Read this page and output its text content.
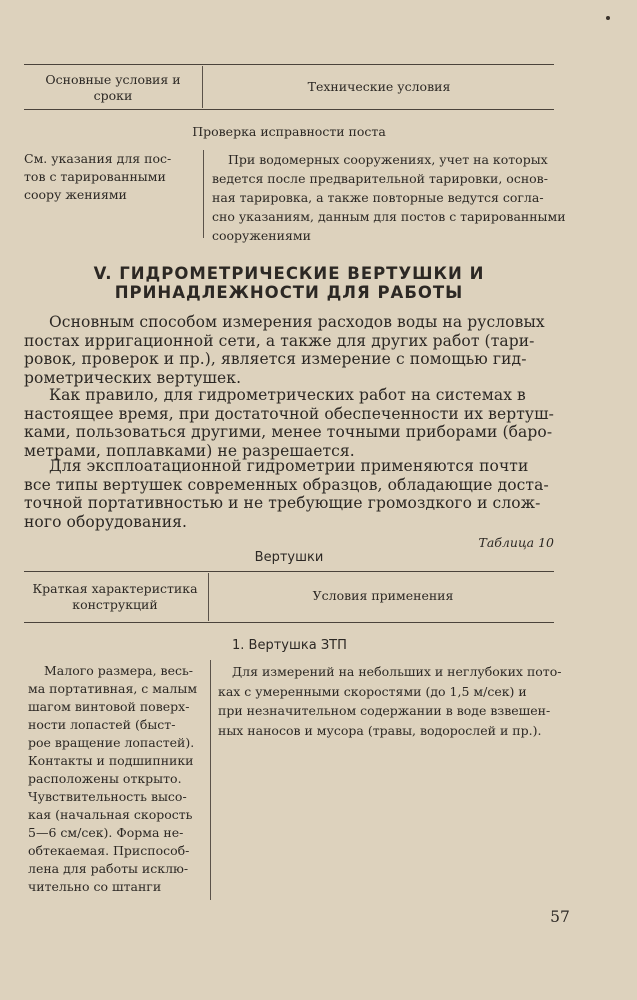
Основные условия и
сроки
Технические условия
Проверка исправности поста
См. указания для пос-
тов с тарированными
соору жениями
При водомерных сооружениях, учет на которых
ведется после предварительной тарировки, основ-
ная тарировка, а также повторные ведутся согла-
сно указаниям, данным для постов с тарированными
сооружениями
V. ГИДРОМЕТРИЧЕСКИЕ ВЕРТУШКИ И
ПРИНАДЛЕЖНОСТИ ДЛЯ РАБОТЫ
Основным способом измерения расходов воды на русловых
постах ирригационной сети, а также для других работ (тари-
ровок, проверок и пр.), является измерение с помощью гид-
рометрических вертушек.
Как правило, для гидрометрических работ на системах в
настоящее время, при достаточной обеспеченности их вертуш-
ками, пользоваться другими, менее точными приборами (баро-
метрами, поплавками) не разрешается.
Для эксплоатационной гидрометрии применяются почти
все типы вертушек современных образцов, обладающие доста-
точной портативностью и не требующие громоздкого и слож-
ного оборудования.
Таблица 10
Вертушки
Краткая характеристика
конструкций
Условия применения
1. Вертушка ЗТП
Малого размера, весь-
ма портативная, с малым
шагом винтовой поверх-
ности лопастей (быст-
рое вращение лопастей).
Контакты и подшипники
расположены открыто.
Чувствительность высо-
кая (начальная скорость
5—6 см/сек). Форма не-
обтекаемая. Приспособ-
лена для работы исклю-
чительно со штанги
Для измерений на небольших и неглубоких пото-
ках с умеренными скоростями (до 1,5 м/сек) и
при незначительном содержании в воде взвешен-
ных наносов и мусора (травы, водорослей и пр.).
57
